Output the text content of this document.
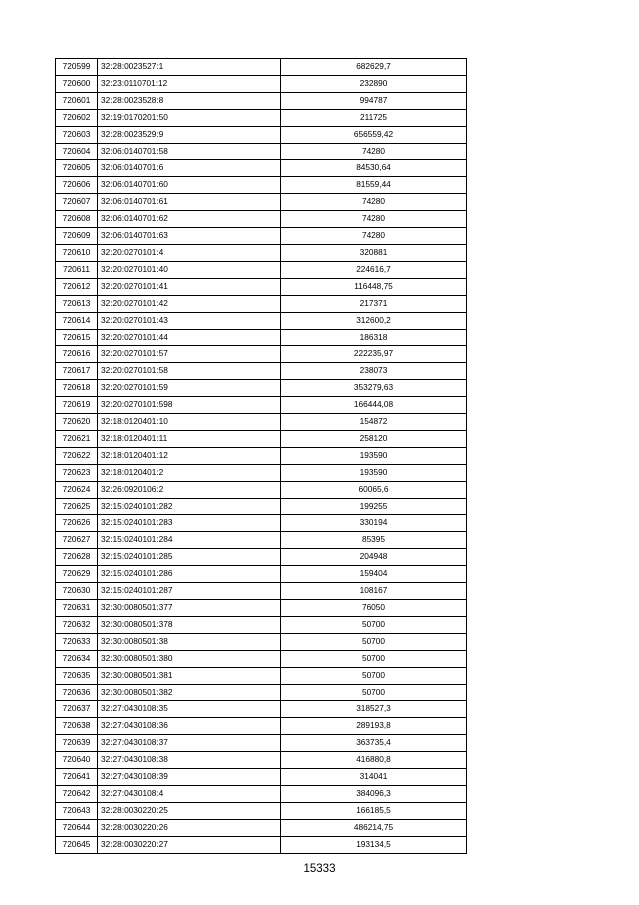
720599	32:28:0023527:1	682629,7
720600	32:23:0110701:12	232890
720601	32:28:0023528:8	994787
720602	32:19:0170201:50	211725
720603	32:28:0023529:9	656559,42
720604	32:06:0140701:58	74280
720605	32:06:0140701:6	84530,64
720606	32:06:0140701:60	81559,44
720607	32:06:0140701:61	74280
720608	32:06:0140701:62	74280
720609	32:06:0140701:63	74280
720610	32:20:0270101:4	320881
720611	32:20:0270101:40	224616,7
720612	32:20:0270101:41	116448,75
720613	32:20:0270101:42	217371
720614	32:20:0270101:43	312600,2
720615	32:20:0270101:44	186318
720616	32:20:0270101:57	222235,97
720617	32:20:0270101:58	238073
720618	32:20:0270101:59	353279,63
720619	32:20:0270101:598	166444,08
720620	32:18:0120401:10	154872
720621	32:18:0120401:11	258120
720622	32:18:0120401:12	193590
720623	32:18:0120401:2	193590
720624	32:26:0920106:2	60065,6
720625	32:15:0240101:282	199255
720626	32:15:0240101:283	330194
720627	32:15:0240101:284	85395
720628	32:15:0240101:285	204948
720629	32:15:0240101:286	159404
720630	32:15:0240101:287	108167
720631	32:30:0080501:377	76050
720632	32:30:0080501:378	50700
720633	32:30:0080501:38	50700
720634	32:30:0080501:380	50700
720635	32:30:0080501:381	50700
720636	32:30:0080501:382	50700
720637	32:27:0430108:35	318527,3
720638	32:27:0430108:36	289193,8
720639	32:27:0430108:37	363735,4
720640	32:27:0430108:38	416880,8
720641	32:27:0430108:39	314041
720642	32:27:0430108:4	384096,3
720643	32:28:0030220:25	166185,5
720644	32:28:0030220:26	486214,75
720645	32:28:0030220:27	193134,5
15333
